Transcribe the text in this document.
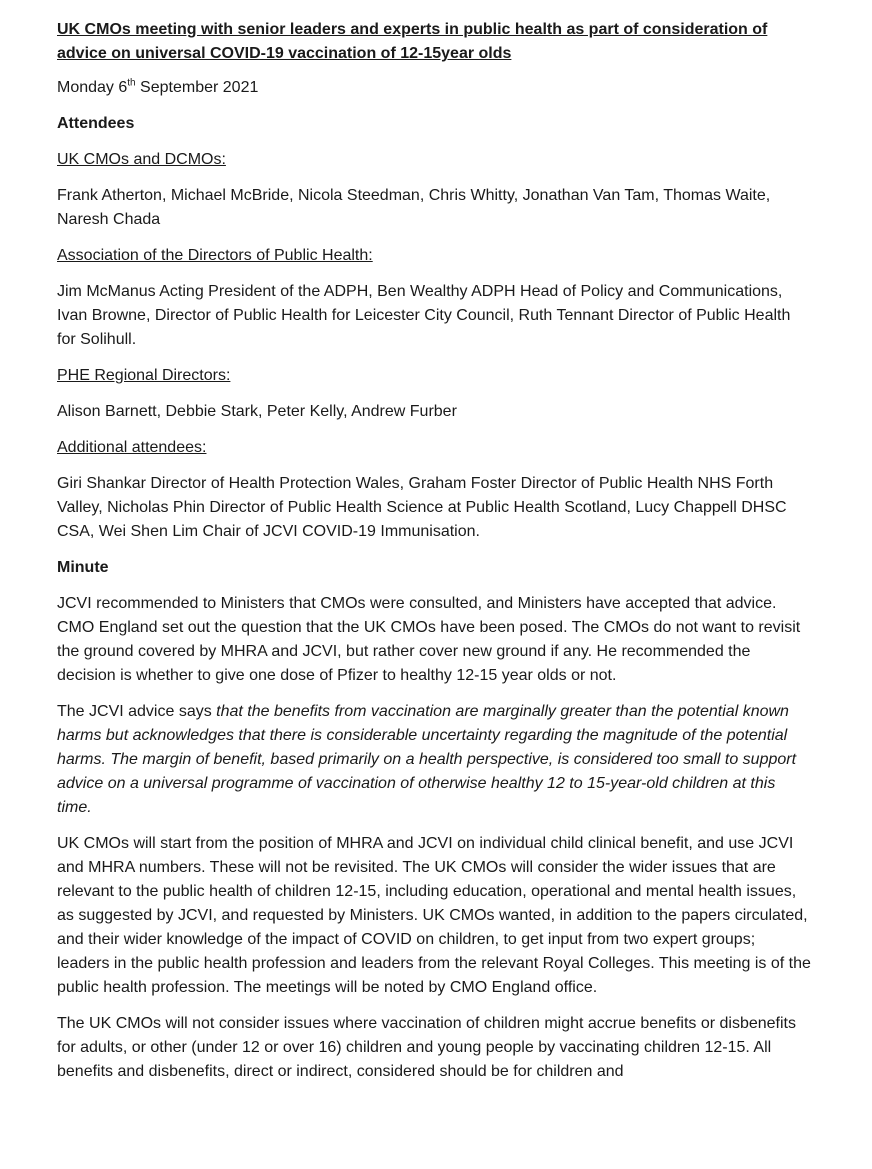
UK CMOs meeting with senior leaders and experts in public health as part of consideration of advice on universal COVID-19 vaccination of 12-15year olds
Monday 6th September 2021
Attendees
UK CMOs and DCMOs:
Frank Atherton, Michael McBride, Nicola Steedman, Chris Whitty, Jonathan Van Tam, Thomas Waite, Naresh Chada
Association of the Directors of Public Health:
Jim McManus Acting President of the ADPH, Ben Wealthy ADPH Head of Policy and Communications, Ivan Browne, Director of Public Health for Leicester City Council, Ruth Tennant Director of Public Health for Solihull.
PHE Regional Directors:
Alison Barnett, Debbie Stark, Peter Kelly, Andrew Furber
Additional attendees:
Giri Shankar Director of Health Protection Wales, Graham Foster Director of Public Health NHS Forth Valley, Nicholas Phin Director of Public Health Science at Public Health Scotland, Lucy Chappell DHSC CSA, Wei Shen Lim Chair of JCVI COVID-19 Immunisation.
Minute
JCVI recommended to Ministers that CMOs were consulted, and Ministers have accepted that advice. CMO England set out the question that the UK CMOs have been posed. The CMOs do not want to revisit the ground covered by MHRA and JCVI, but rather cover new ground if any. He recommended the decision is whether to give one dose of Pfizer to healthy 12-15 year olds or not.
The JCVI advice says that the benefits from vaccination are marginally greater than the potential known harms but acknowledges that there is considerable uncertainty regarding the magnitude of the potential harms. The margin of benefit, based primarily on a health perspective, is considered too small to support advice on a universal programme of vaccination of otherwise healthy 12 to 15-year-old children at this time.
UK CMOs will start from the position of MHRA and JCVI on individual child clinical benefit, and use JCVI and MHRA numbers. These will not be revisited. The UK CMOs will consider the wider issues that are relevant to the public health of children 12-15, including education, operational and mental health issues, as suggested by JCVI, and requested by Ministers. UK CMOs wanted, in addition to the papers circulated, and their wider knowledge of the impact of COVID on children, to get input from two expert groups; leaders in the public health profession and leaders from the relevant Royal Colleges. This meeting is of the public health profession. The meetings will be noted by CMO England office.
The UK CMOs will not consider issues where vaccination of children might accrue benefits or disbenefits for adults, or other (under 12 or over 16) children and young people by vaccinating children 12-15. All benefits and disbenefits, direct or indirect, considered should be for children and
